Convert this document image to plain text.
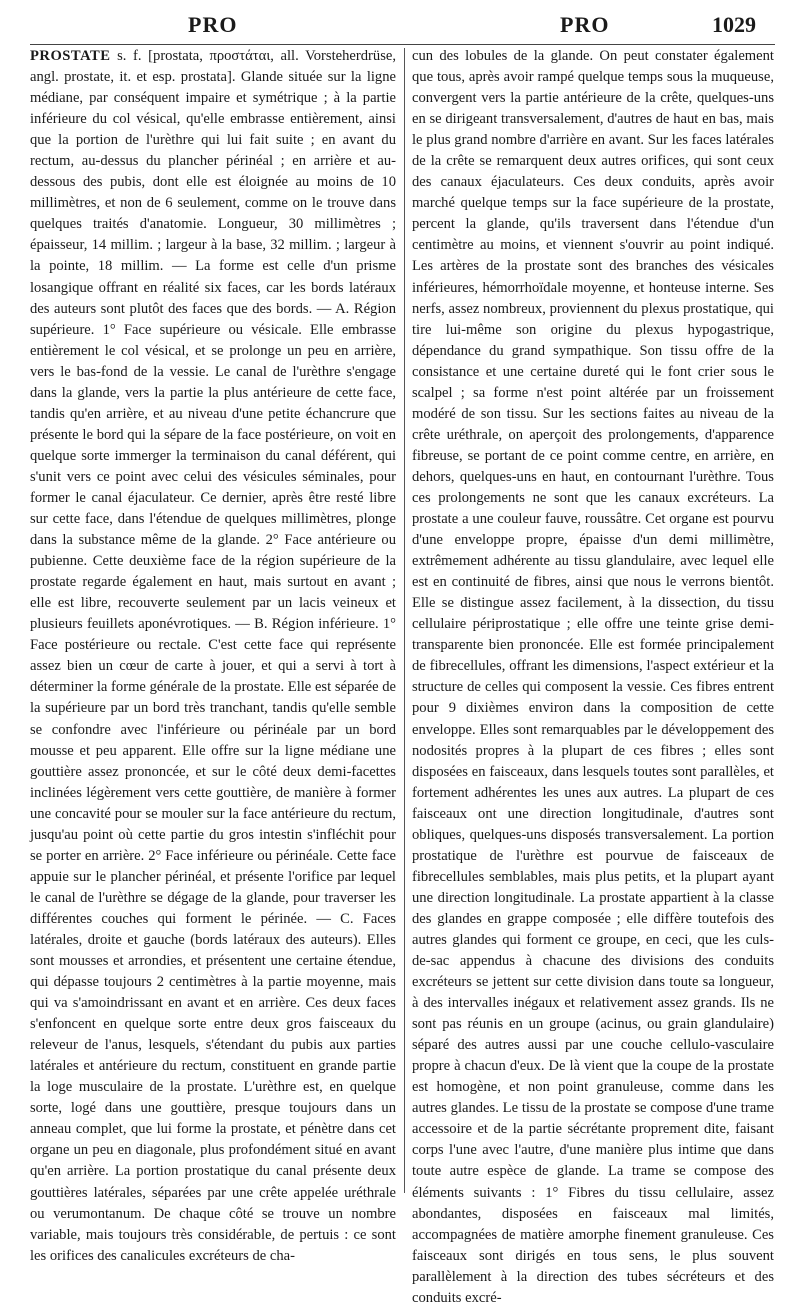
PRO	PRO	1029

PROSTATE s. f. [prostata, προστάται, all. Vorsteherdrüse, angl. prostate, it. et esp. prostata]. Glande située sur la ligne médiane, par conséquent impaire et symétrique ; à la partie inférieure du col vésical, qu'elle embrasse entièrement, ainsi que la portion de l'urèthre qui lui fait suite ; en avant du rectum, au-dessus du plancher périnéal ; en arrière et au-dessous des pubis, dont elle est éloignée au moins de 10 millimètres, et non de 6 seulement, comme on le trouve dans quelques traités d'anatomie. Longueur, 30 millimètres ; épaisseur, 14 millim. ; largeur à la base, 32 millim. ; largeur à la pointe, 18 millim. — La forme est celle d'un prisme losangique offrant en réalité six faces, car les bords latéraux des auteurs sont plutôt des faces que des bords. — A. Région supérieure. 1° Face supérieure ou vésicale. Elle embrasse entièrement le col vésical, et se prolonge un peu en arrière, vers le bas-fond de la vessie. Le canal de l'urèthre s'engage dans la glande, vers la partie la plus antérieure de cette face, tandis qu'en arrière, et au niveau d'une petite échancrure que présente le bord qui la sépare de la face postérieure, on voit en quelque sorte immerger la terminaison du canal déférent, qui s'unit vers ce point avec celui des vésicules séminales, pour former le canal éjaculateur. Ce dernier, après être resté libre sur cette face, dans l'étendue de quelques millimètres, plonge dans la substance même de la glande. 2° Face antérieure ou pubienne. Cette deuxième face de la région supérieure de la prostate regarde également en haut, mais surtout en avant ; elle est libre, recouverte seulement par un lacis veineux et plusieurs feuillets aponévrotiques. — B. Région inférieure. 1° Face postérieure ou rectale. C'est cette face qui représente assez bien un cœur de carte à jouer, et qui a servi à tort à déterminer la forme générale de la prostate. Elle est séparée de la supérieure par un bord très tranchant, tandis qu'elle semble se confondre avec l'inférieure ou périnéale par un bord mousse et peu apparent. Elle offre sur la ligne médiane une gouttière assez prononcée, et sur le côté deux demi-facettes inclinées légèrement vers cette gouttière, de manière à former une concavité pour se mouler sur la face antérieure du rectum, jusqu'au point où cette partie du gros intestin s'infléchit pour se porter en arrière. 2° Face inférieure ou périnéale. Cette face appuie sur le plancher périnéal, et présente l'orifice par lequel le canal de l'urèthre se dégage de la glande, pour traverser les différentes couches qui forment le périnée. — C. Faces latérales, droite et gauche (bords latéraux des auteurs). Elles sont mousses et arrondies, et présentent une certaine étendue, qui dépasse toujours 2 centimètres à la partie moyenne, mais qui va s'amoindrissant en avant et en arrière. Ces deux faces s'enfoncent en quelque sorte entre deux gros faisceaux du releveur de l'anus, lesquels, s'étendant du pubis aux parties latérales et antérieure du rectum, constituent en grande partie la loge musculaire de la prostate. L'urèthre est, en quelque sorte, logé dans une gouttière, presque toujours dans un anneau complet, que lui forme la prostate, et pénètre dans cet organe un peu en diagonale, plus profondément situé en avant qu'en arrière. La portion prostatique du canal présente deux gouttières latérales, séparées par une crête appelée uréthrale ou verumontanum. De chaque côté se trouve un nombre variable, mais toujours très considérable, de pertuis : ce sont les orifices des canalicules excréteurs de cha-

cun des lobules de la glande. On peut constater également que tous, après avoir rampé quelque temps sous la muqueuse, convergent vers la partie antérieure de la crête, quelques-uns en se dirigeant transversalement, d'autres de haut en bas, mais le plus grand nombre d'arrière en avant. Sur les faces latérales de la crête se remarquent deux autres orifices, qui sont ceux des canaux éjaculateurs. Ces deux conduits, après avoir marché quelque temps sur la face supérieure de la prostate, percent la glande, qu'ils traversent dans l'étendue d'un centimètre au moins, et viennent s'ouvrir au point indiqué. Les artères de la prostate sont des branches des vésicales inférieures, hémorrhoïdale moyenne, et honteuse interne. Ses nerfs, assez nombreux, proviennent du plexus prostatique, qui tire lui-même son origine du plexus hypogastrique, dépendance du grand sympathique. Son tissu offre de la consistance et une certaine dureté qui le font crier sous le scalpel ; sa forme n'est point altérée par un froissement modéré de son tissu. Sur les sections faites au niveau de la crête uréthrale, on aperçoit des prolongements, d'apparence fibreuse, se portant de ce point comme centre, en arrière, en dehors, quelques-uns en haut, en contournant l'urèthre. Tous ces prolongements ne sont que les canaux excréteurs. La prostate a une couleur fauve, roussâtre. Cet organe est pourvu d'une enveloppe propre, épaisse d'un demi millimètre, extrêmement adhérente au tissu glandulaire, avec lequel elle est en continuité de fibres, ainsi que nous le verrons bientôt. Elle se distingue assez facilement, à la dissection, du tissu cellulaire périprostatique ; elle offre une teinte grise demi-transparente bien prononcée. Elle est formée principalement de fibrecellules, offrant les dimensions, l'aspect extérieur et la structure de celles qui composent la vessie. Ces fibres entrent pour 9 dixièmes environ dans la composition de cette enveloppe. Elles sont remarquables par le développement des nodosités propres à la plupart de ces fibres ; elles sont disposées en faisceaux, dans lesquels toutes sont parallèles, et fortement adhérentes les unes aux autres. La plupart de ces faisceaux ont une direction longitudinale, d'autres sont obliques, quelques-uns disposés transversalement. La portion prostatique de l'urèthre est pourvue de faisceaux de fibrecellules semblables, mais plus petits, et la plupart ayant une direction longitudinale. La prostate appartient à la classe des glandes en grappe composée ; elle diffère toutefois des autres glandes qui forment ce groupe, en ceci, que les culs-de-sac appendus à chacune des divisions des conduits excréteurs se jettent sur cette division dans toute sa longueur, à des intervalles inégaux et relativement assez grands. Ils ne sont pas réunis en un groupe (acinus, ou grain glandulaire) séparé des autres aussi par une couche cellulo-vasculaire propre à chacun d'eux. De là vient que la coupe de la prostate est homogène, et non point granuleuse, comme dans les autres glandes. Le tissu de la prostate se compose d'une trame accessoire et de la partie sécrétante proprement dite, faisant corps l'une avec l'autre, d'une manière plus intime que dans toute autre espèce de glande. La trame se compose des éléments suivants : 1° Fibres du tissu cellulaire, assez abondantes, disposées en faisceaux mal limités, accompagnées de matière amorphe finement granuleuse. Ces faisceaux sont dirigés en tous sens, le plus souvent parallèlement à la direction des tubes sécréteurs et des conduits excré-
